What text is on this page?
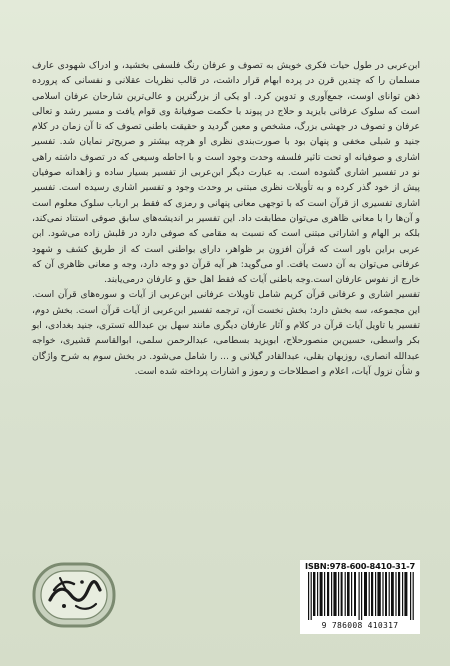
ابن‌عربی در طول حیات فکری خویش به تصوف و عرفان رنگ فلسفی بخشید، و ادراک شهودی عارف مسلمان را که چندین قرن در پرده ابهام قرار داشت، در قالب نظریات عقلانی و نفسانی که پرورده ذهن توانای اوست، جمع‌آوری و تدوین کرد. او یکی از بزرگترین و عالی‌ترین شارحان عرفان اسلامی است که سلوک عرفانی بایزید و حلاج در پیوند با حکمت صوفیانهٔ وی قوام یافت و مسیر رشد و تعالی عرفان و تصوف در جهشی بزرگ، مشخص و معین گردید و حقیقت باطنی تصوف که تا آن زمان در کلام جنید و شبلی مخفی و پنهان بود با صورت‌بندی نظری او هرچه بیشتر و صریح‌تر نمایان شد. تفسیر اشاری و صوفیانه او تحت تاثیر فلسفه وحدت وجود است و با احاطه وسیعی که در تصوف داشته راهی نو در تفسیر اشاری گشوده است. به عبارت دیگر ابن‌عربی از تفسیر بسیار ساده و زاهدانه صوفیان پیش از خود گذر کرده و به تأویلات نظری مبتنی بر وحدت وجود و تفسیر اشاری رسیده است. تفسیر اشاری تفسیری از قرآن است که با توجهی معانی پنهانی و رمزی که فقط بر ارباب سلوک معلوم است و آن‌ها را با معانی ظاهری می‌توان مطابقت داد. این تفسیر بر اندیشه‌های سابق صوفی استناد نمی‌کند، بلکه بر الهام و اشاراتی مبتنی است که نسبت به مقامی که صوفی دارد در قلبش زاده می‌شود. ابن عربی براین باور است که قرآن افزون بر ظواهر، دارای بواطنی است که از طریق کشف و شهود عرفانی می‌توان به آن دست یافت. او می‌گوید: هر آیه قرآن دو وجه دارد، وجه و معانی ظاهری آن که خارج از نفوس عارفان است.وجه باطنی آیات که فقط اهل حق و عارفان درمی‌یابند.

تفسیر اشاری و عرفانی قرآن کریم شامل تاویلات عرفانی ابن‌عربی از آیات و سوره‌های قرآن است. این مجموعه، سه بخش دارد: بخش نخست آن، ترجمه تفسیر ابن‌عربی از آیات قرآن است. بخش دوم، تفسیر یا تاویل آیات قرآن در کلام و آثار عارفان دیگری مانند سهل بن عبدالله تستری، جنید بغدادی، ابو بکر واسطی، حسین‌بن منصورحلاج، ابویزید بسطامی، عبدالرحمن سلمی، ابوالقاسم قشیری، خواجه عبدالله انصاری، روزبهان بقلی، عبدالقادر گیلانی و ... را شامل می‌شود. در بخش سوم به شرح واژگان و شأن نزول آیات، اعلام و اصطلاحات و رموز و اشارات پرداخته شده است.

ISBN:978-600-8410-31-7
9 786008 410317
